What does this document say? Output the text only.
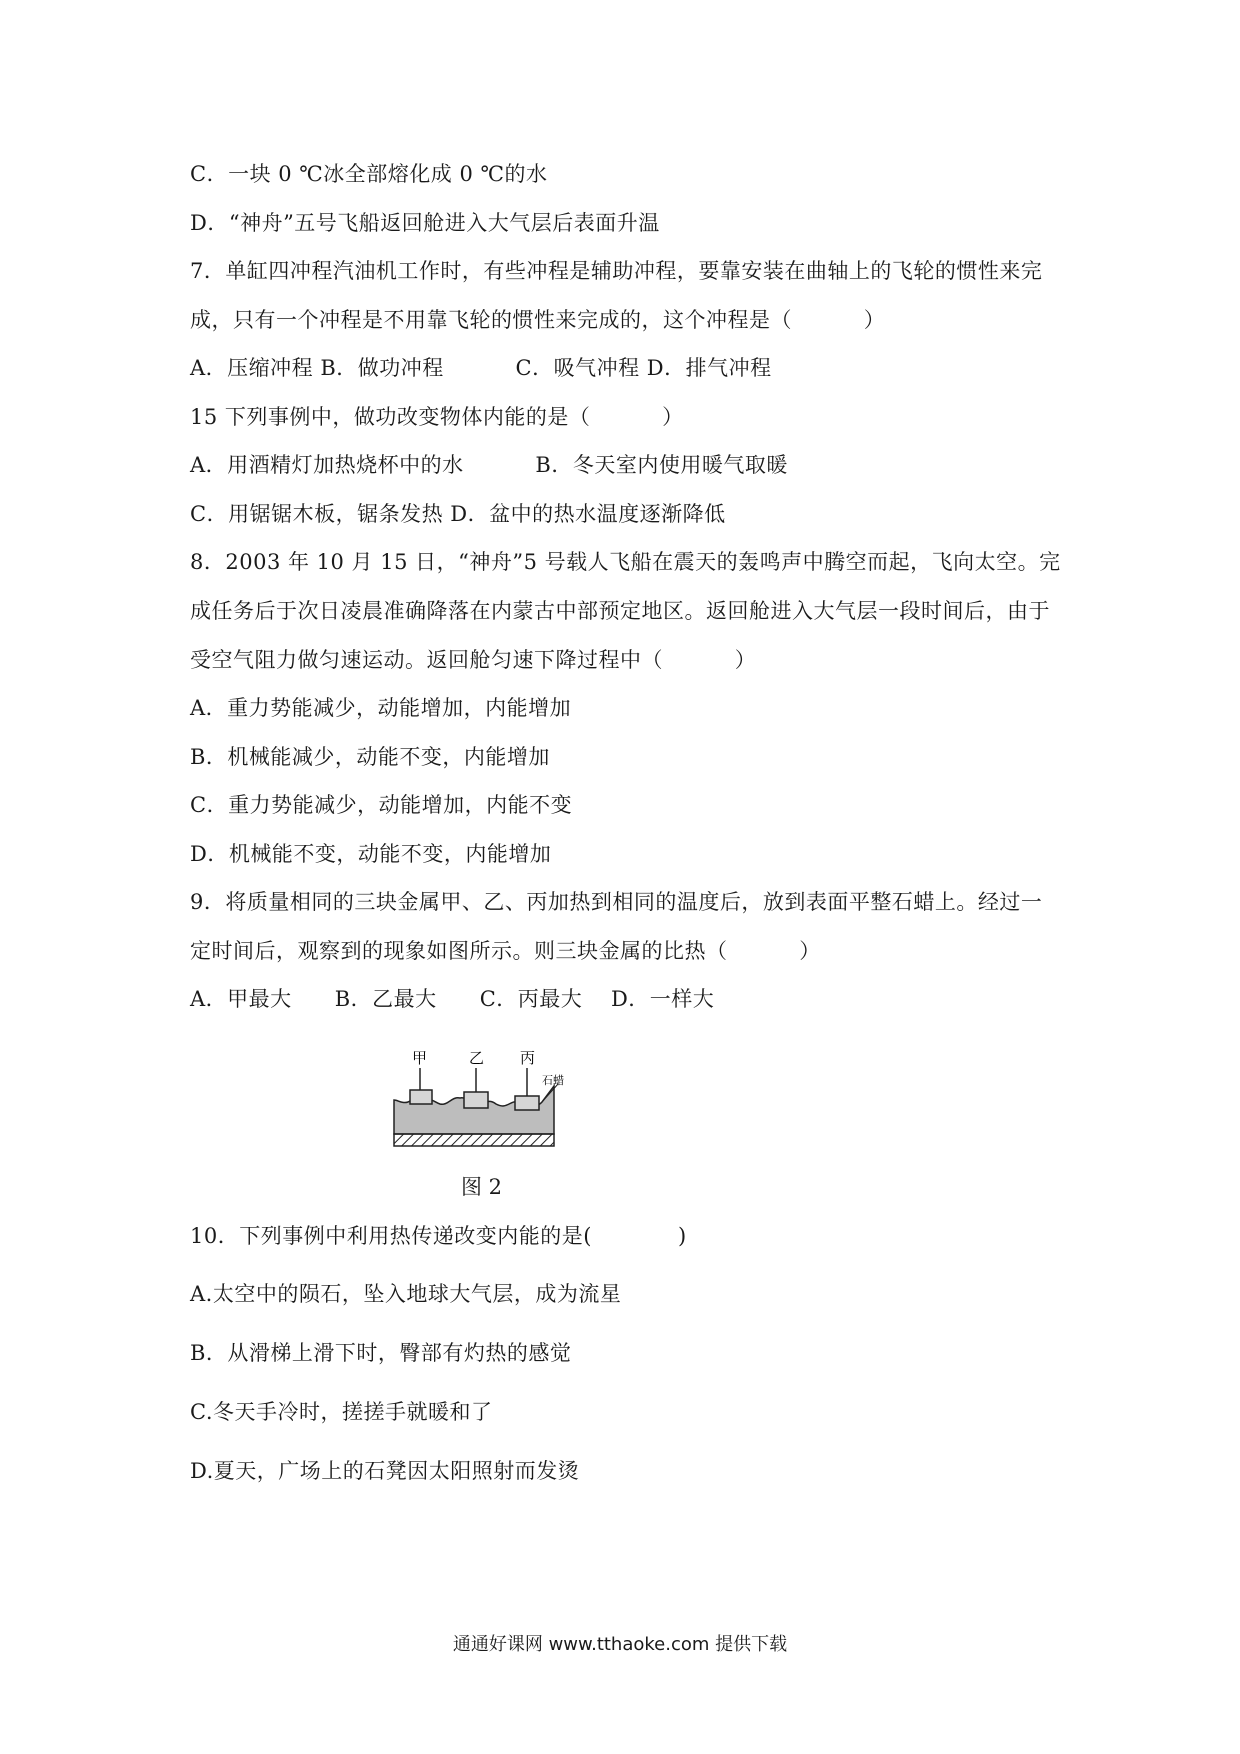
C．一块 0 ℃冰全部熔化成 0 ℃的水
D．“神舟”五号飞船返回舱进入大气层后表面升温
7．单缸四冲程汽油机工作时，有些冲程是辅助冲程，要靠安装在曲轴上的飞轮的惯性来完
成，只有一个冲程是不用靠飞轮的惯性来完成的，这个冲程是（          ）
A．压缩冲程 B．做功冲程          C．吸气冲程 D．排气冲程
15 下列事例中，做功改变物体内能的是（          ）
A．用酒精灯加热烧杯中的水          B．冬天室内使用暖气取暖
C．用锯锯木板，锯条发热 D．盆中的热水温度逐渐降低
8．2003 年 10 月 15 日，“神舟”5 号载人飞船在震天的轰鸣声中腾空而起，飞向太空。完
成任务后于次日凌晨准确降落在内蒙古中部预定地区。返回舱进入大气层一段时间后，由于
受空气阻力做匀速运动。返回舱匀速下降过程中（          ）
A．重力势能减少，动能增加，内能增加
B．机械能减少，动能不变，内能增加
C．重力势能减少，动能增加，内能不变
D．机械能不变，动能不变，内能增加
9．将质量相同的三块金属甲、乙、丙加热到相同的温度后，放到表面平整石蜡上。经过一
定时间后，观察到的现象如图所示。则三块金属的比热（          ）
A．甲最大      B．乙最大      C．丙最大    D．一样大
10．下列事例中利用热传递改变内能的是(            )
A.太空中的陨石，坠入地球大气层，成为流星
B．从滑梯上滑下时，臀部有灼热的感觉
C.冬天手冷时，搓搓手就暖和了
D.夏天，广场上的石凳因太阳照射而发烫
甲	乙 丙
石蜡
图 2
通通好课网 www.tthaoke.com 提供下载
